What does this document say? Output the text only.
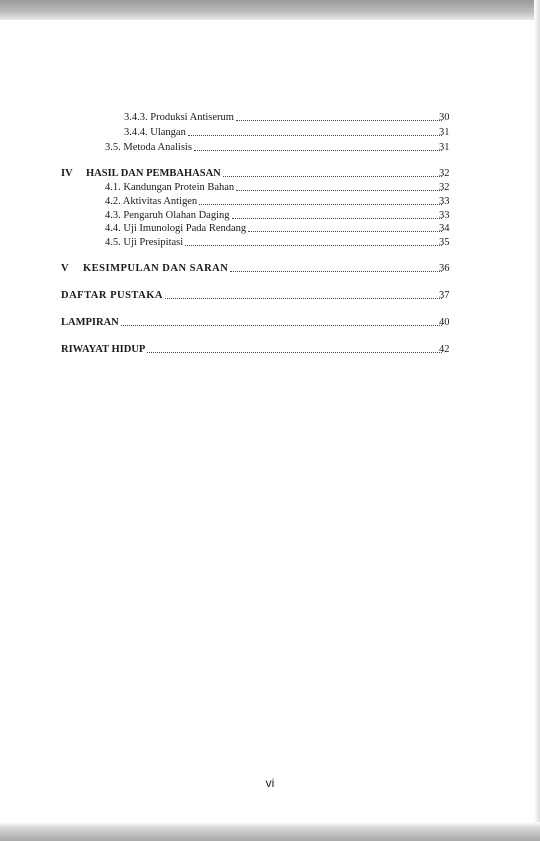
3.4.3. Produksi Antiserum	30
3.4.4. Ulangan	31
3.5. Metoda Analisis	31
IV	HASIL DAN PEMBAHASAN	32
4.1. Kandungan Protein Bahan	32
4.2. Aktivitas Antigen	33
4.3. Pengaruh Olahan Daging	33
4.4. Uji Imunologi Pada Rendang	34
4.5. Uji Presipitasi	35
V	KESIMPULAN DAN SARAN	36
DAFTAR PUSTAKA	37
LAMPIRAN	40
RIWAYAT HIDUP	42
vi
